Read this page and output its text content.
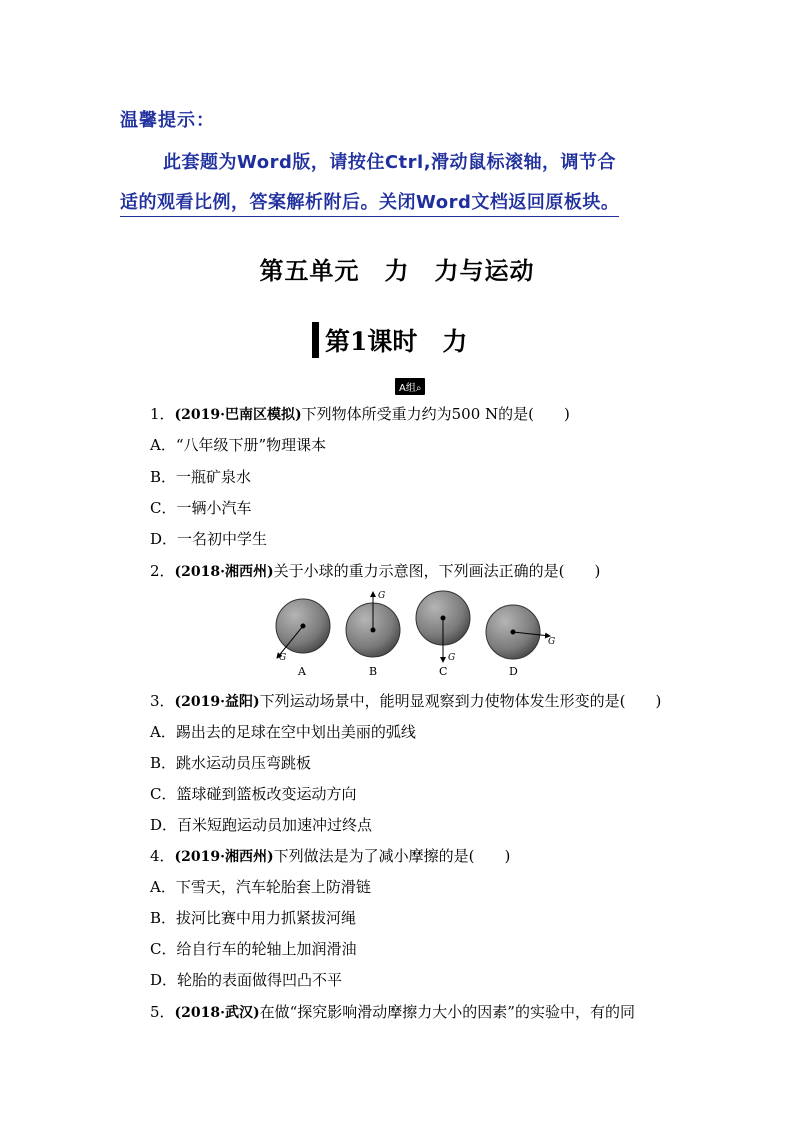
温馨提示：
此套题为Word版，请按住Ctrl,滑动鼠标滚轴，调节合
适的观看比例，答案解析附后。关闭Word文档返回原板块。
第五单元　力　力与运动
第1课时　力
A组⌕
1．(2019·巴南区模拟)下列物体所受重力约为500 N的是(　　)
A．“八年级下册”物理课本
B．一瓶矿泉水
C．一辆小汽车
D．一名初中学生
2．(2018·湘西州)关于小球的重力示意图，下列画法正确的是(　　)
G
A
G
B
G
C
G
D
3．(2019·益阳)下列运动场景中，能明显观察到力使物体发生形变的是(　　)
A．踢出去的足球在空中划出美丽的弧线
B．跳水运动员压弯跳板
C．篮球碰到篮板改变运动方向
D．百米短跑运动员加速冲过终点
4．(2019·湘西州)下列做法是为了减小摩擦的是(　　)
A．下雪天，汽车轮胎套上防滑链
B．拔河比赛中用力抓紧拔河绳
C．给自行车的轮轴上加润滑油
D．轮胎的表面做得凹凸不平
5．(2018·武汉)在做“探究影响滑动摩擦力大小的因素”的实验中，有的同
